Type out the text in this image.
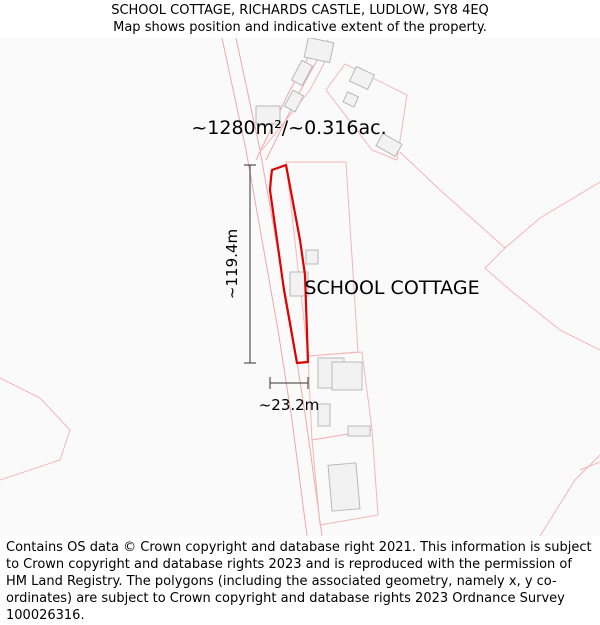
SCHOOL COTTAGE, RICHARDS CASTLE, LUDLOW, SY8 4EQ
Map shows position and indicative extent of the property.
~1280m²/~0.316ac.
SCHOOL COTTAGE
~119.4m
~23.2m
Contains OS data © Crown copyright and database right 2021. This information is subject to Crown copyright and database rights 2023 and is reproduced with the permission of HM Land Registry. The polygons (including the associated geometry, namely x, y co-ordinates) are subject to Crown copyright and database rights 2023 Ordnance Survey 100026316.
